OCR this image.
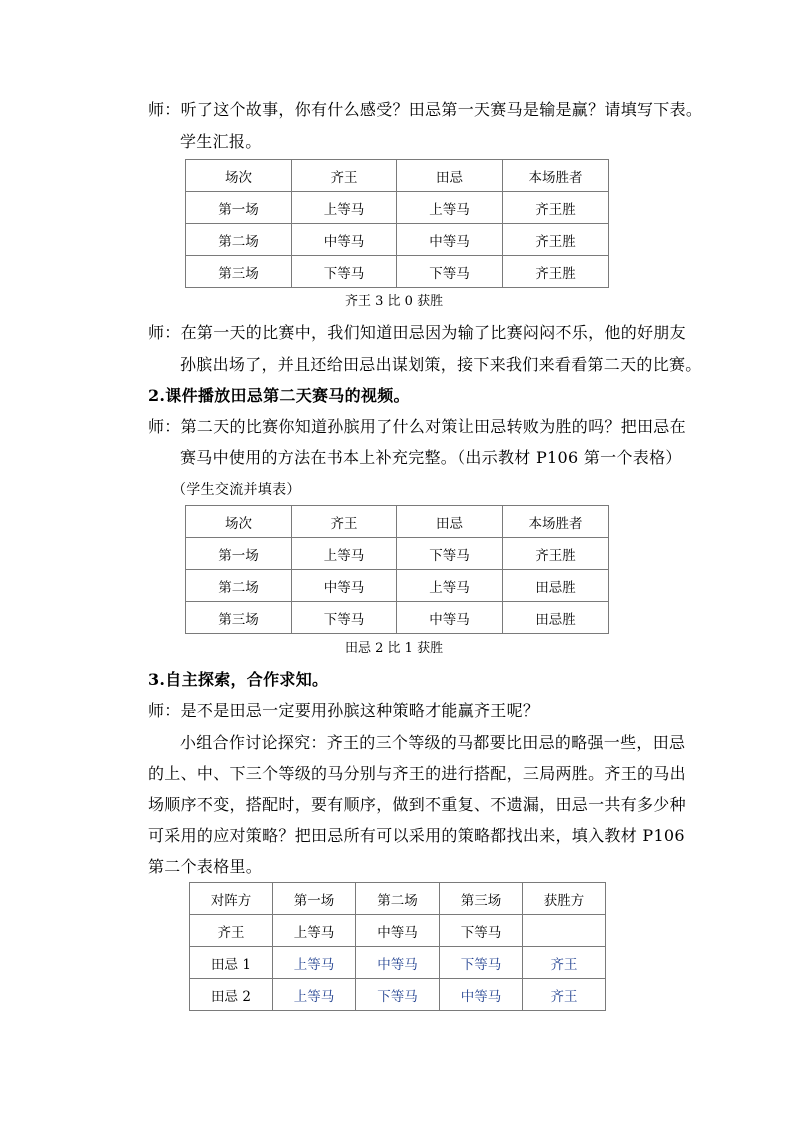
师：听了这个故事，你有什么感受？田忌第一天赛马是输是赢？请填写下表。
学生汇报。
场次	齐王	田忌	本场胜者
第一场	上等马	上等马	齐王胜
第二场	中等马	中等马	齐王胜
第三场	下等马	下等马	齐王胜
齐王 3 比 0 获胜
师：在第一天的比赛中，我们知道田忌因为输了比赛闷闷不乐，他的好朋友
孙膑出场了，并且还给田忌出谋划策，接下来我们来看看第二天的比赛。
2.课件播放田忌第二天赛马的视频。
师：第二天的比赛你知道孙膑用了什么对策让田忌转败为胜的吗？把田忌在
赛马中使用的方法在书本上补充完整。（出示教材 P106 第一个表格）
（学生交流并填表）
场次	齐王	田忌	本场胜者
第一场	上等马	下等马	齐王胜
第二场	中等马	上等马	田忌胜
第三场	下等马	中等马	田忌胜
田忌 2 比 1 获胜
3.自主探索，合作求知。
师：是不是田忌一定要用孙膑这种策略才能赢齐王呢？
小组合作讨论探究：齐王的三个等级的马都要比田忌的略强一些，田忌
的上、中、下三个等级的马分别与齐王的进行搭配，三局两胜。齐王的马出
场顺序不变，搭配时，要有顺序，做到不重复、不遗漏，田忌一共有多少种
可采用的应对策略？把田忌所有可以采用的策略都找出来，填入教材 P106
第二个表格里。
对阵方	第一场	第二场	第三场	获胜方
齐王	上等马	中等马	下等马	
田忌 1	上等马	中等马	下等马	齐王
田忌 2	上等马	下等马	中等马	齐王
